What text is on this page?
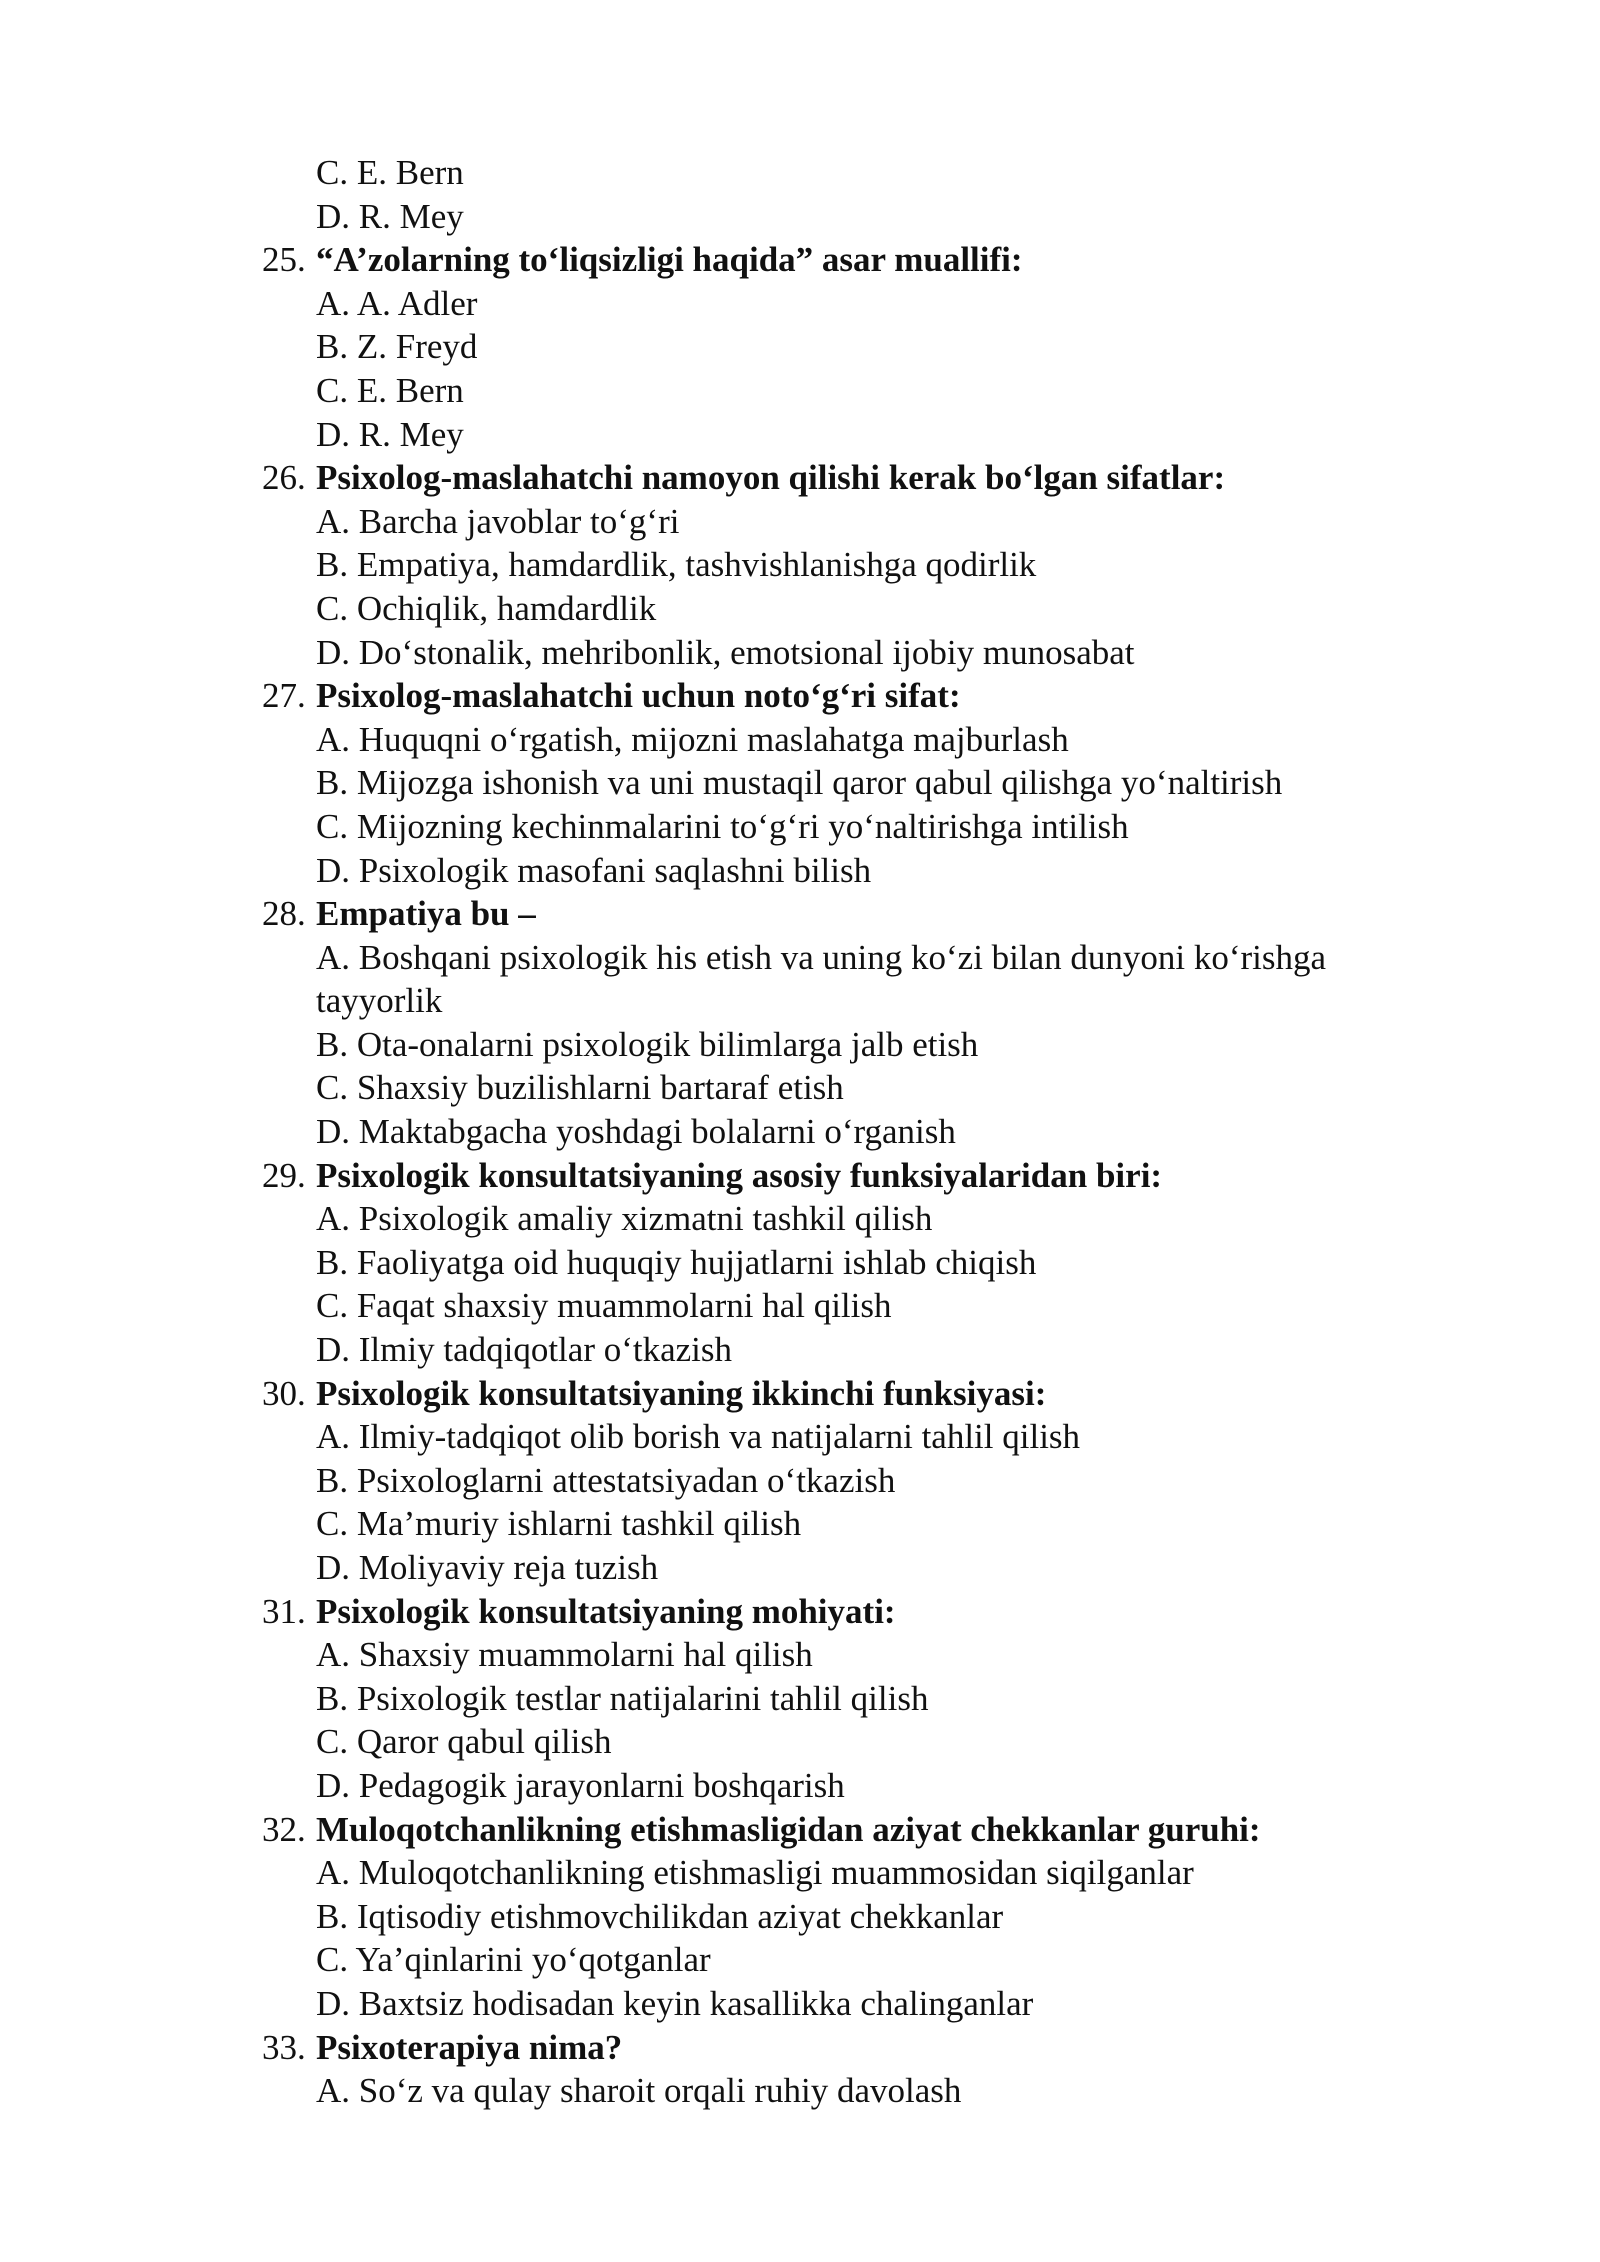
C. E. Bern
D. R. Mey
25. “A’zolarning to‘liqsizligi haqida” asar muallifi:
A. A. Adler
B. Z. Freyd
C. E. Bern
D. R. Mey
26. Psixolog-maslahatchi namoyon qilishi kerak bo‘lgan sifatlar:
A. Barcha javoblar to‘g‘ri
B. Empatiya, hamdardlik, tashvishlanishga qodirlik
C. Ochiqlik, hamdardlik
D. Do‘stonalik, mehribonlik, emotsional ijobiy munosabat
27. Psixolog-maslahatchi uchun noto‘g‘ri sifat:
A. Huquqni o‘rgatish, mijozni maslahatga majburlash
B. Mijozga ishonish va uni mustaqil qaror qabul qilishga yo‘naltirish
C. Mijozning kechinmalarini to‘g‘ri yo‘naltirishga intilish
D. Psixologik masofani saqlashni bilish
28. Empatiya bu –
A. Boshqani psixologik his etish va uning ko‘zi bilan dunyoni ko‘rishga tayyorlik
B. Ota-onalarni psixologik bilimlarga jalb etish
C. Shaxsiy buzilishlarni bartaraf etish
D. Maktabgacha yoshdagi bolalarni o‘rganish
29. Psixologik konsultatsiyaning asosiy funksiyalaridan biri:
A. Psixologik amaliy xizmatni tashkil qilish
B. Faoliyatga oid huquqiy hujjatlarni ishlab chiqish
C. Faqat shaxsiy muammolarni hal qilish
D. Ilmiy tadqiqotlar o‘tkazish
30. Psixologik konsultatsiyaning ikkinchi funksiyasi:
A. Ilmiy-tadqiqot olib borish va natijalarni tahlil qilish
B. Psixologlarni attestatsiyadan o‘tkazish
C. Ma’muriy ishlarni tashkil qilish
D. Moliyaviy reja tuzish
31. Psixologik konsultatsiyaning mohiyati:
A. Shaxsiy muammolarni hal qilish
B. Psixologik testlar natijalarini tahlil qilish
C. Qaror qabul qilish
D. Pedagogik jarayonlarni boshqarish
32. Muloqotchanlikning etishmasligidan aziyat chekkanlar guruhi:
A. Muloqotchanlikning etishmasligi muammosidan siqilganlar
B. Iqtisodiy etishmovchilikdan aziyat chekkanlar
C. Ya’qinlarini yo‘qotganlar
D. Baxtsiz hodisadan keyin kasallikka chalinganlar
33. Psixoterapiya nima?
A. So‘z va qulay sharoit orqali ruhiy davolash
